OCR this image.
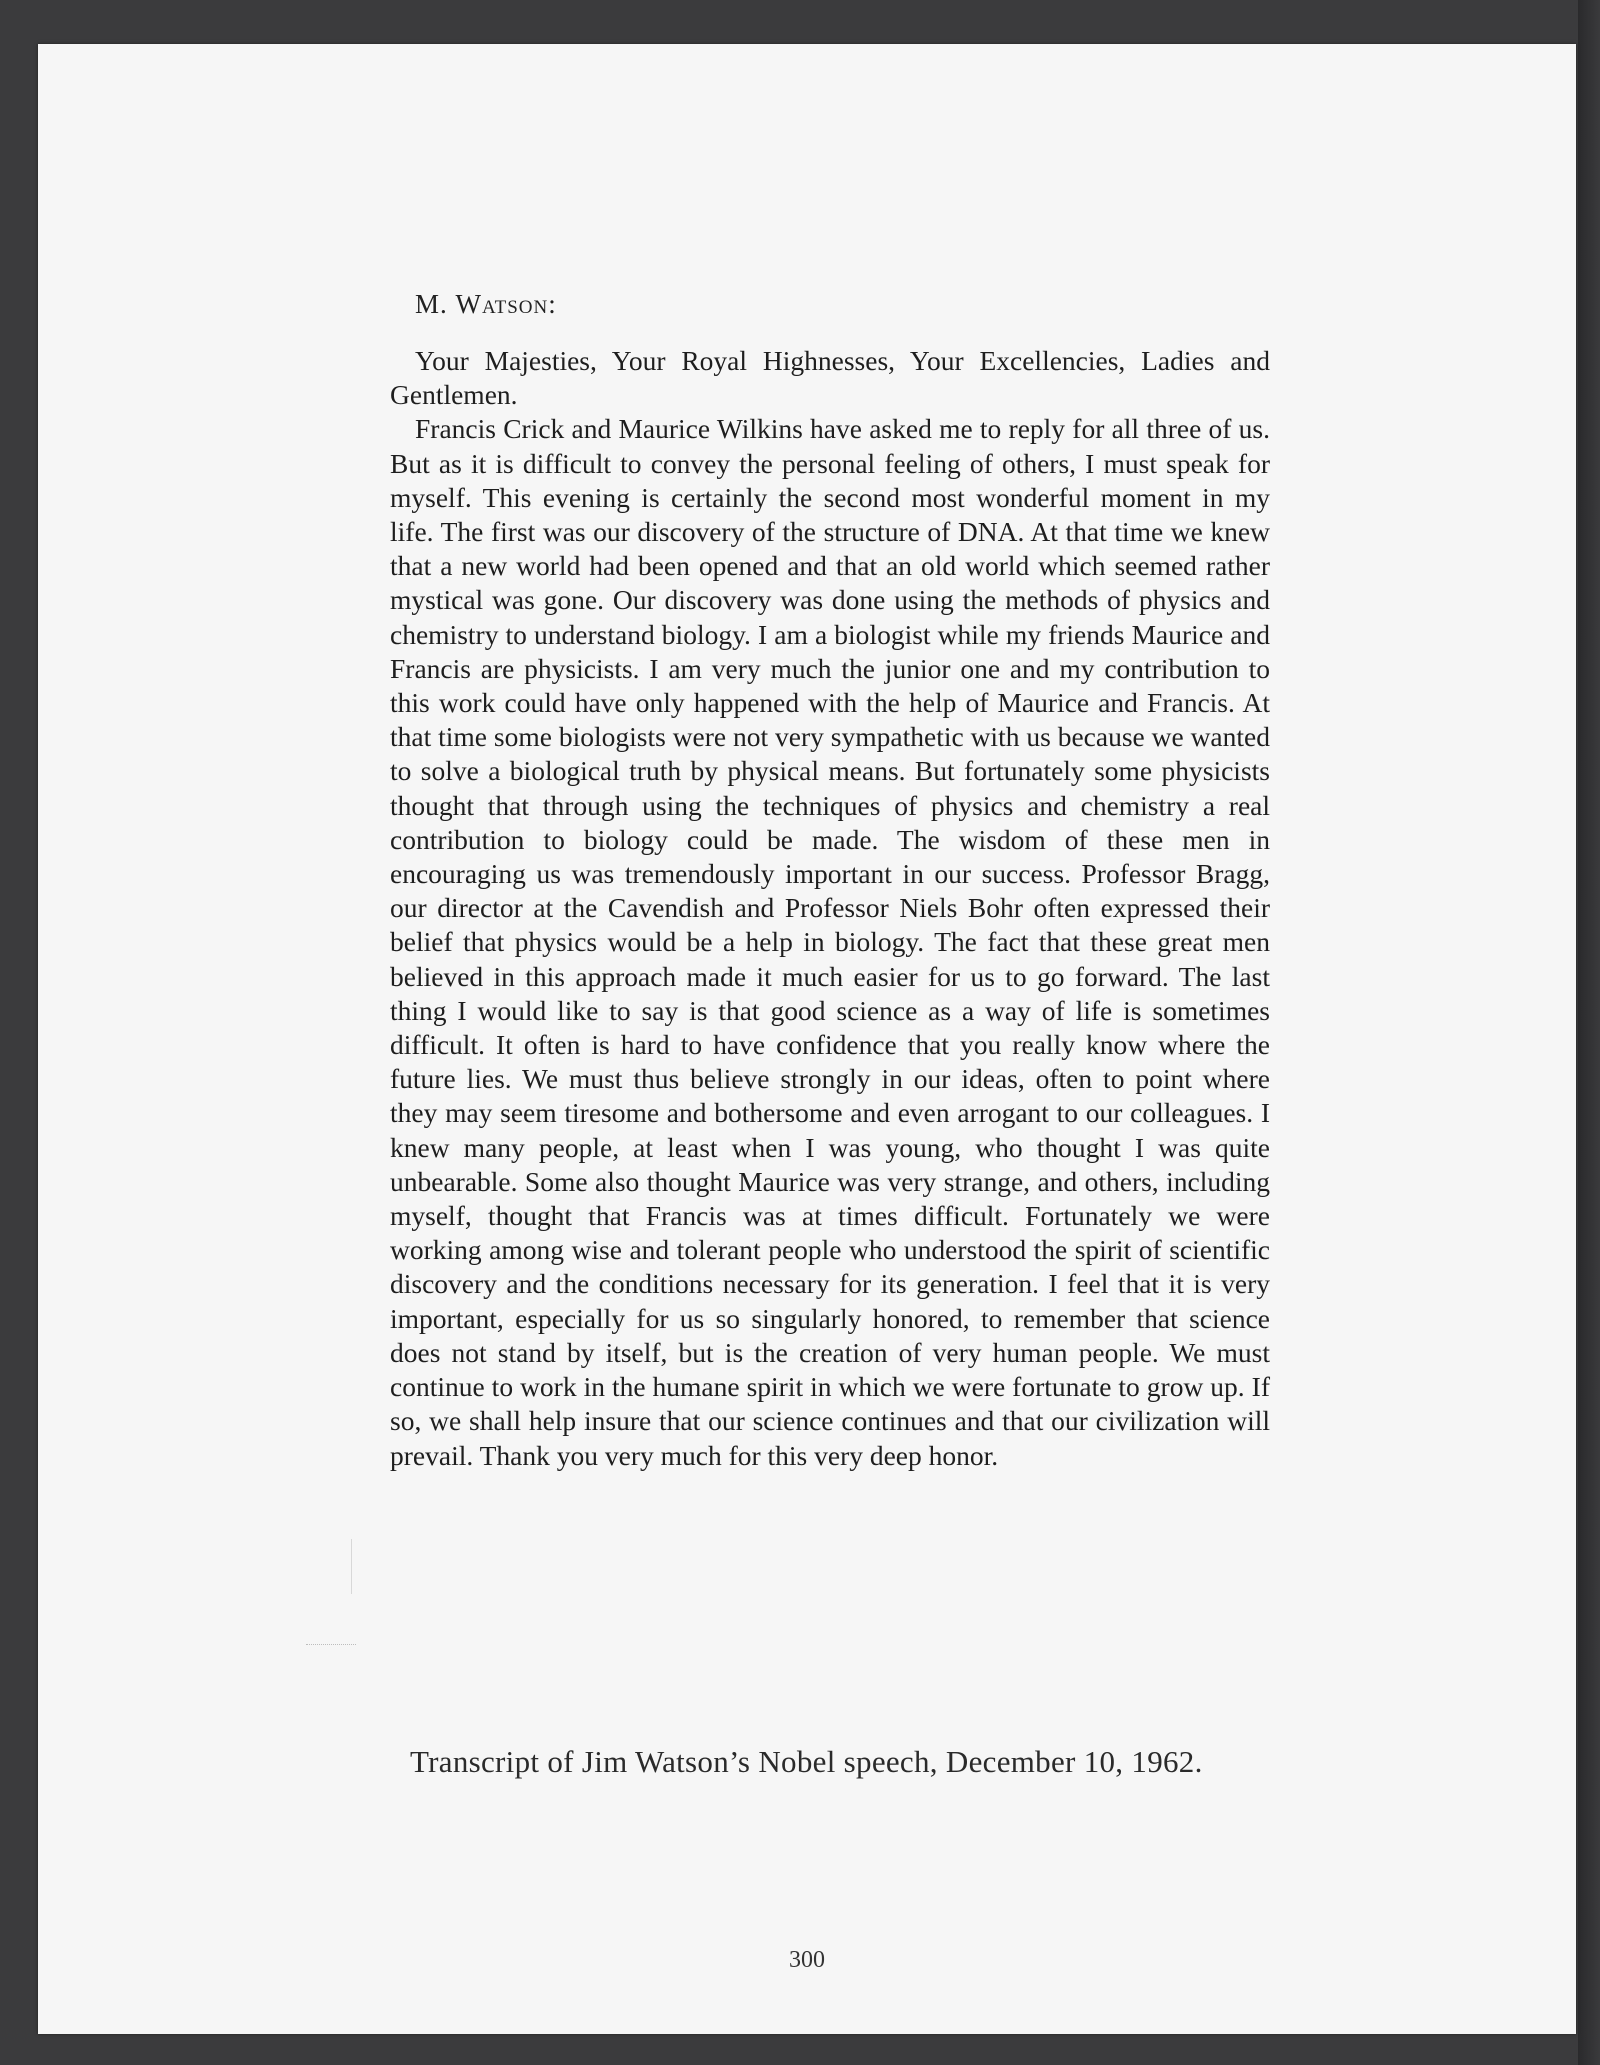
M. Watson:

Your Majesties, Your Royal Highnesses, Your Excellencies, Ladies and Gentlemen.

Francis Crick and Maurice Wilkins have asked me to reply for all three of us. But as it is difficult to convey the personal feeling of others, I must speak for myself. This evening is certainly the second most wonderful moment in my life. The first was our discovery of the structure of DNA. At that time we knew that a new world had been opened and that an old world which seemed rather mystical was gone. Our discovery was done using the methods of physics and chemistry to understand biology. I am a biologist while my friends Maurice and Francis are physicists. I am very much the junior one and my contribution to this work could have only happened with the help of Maurice and Francis. At that time some biologists were not very sympathetic with us because we wanted to solve a biological truth by physical means. But fortunately some physicists thought that through using the techniques of physics and chemistry a real contribution to biology could be made. The wisdom of these men in encouraging us was tremendously important in our success. Professor Bragg, our director at the Cavendish and Professor Niels Bohr often expressed their belief that physics would be a help in biology. The fact that these great men believed in this approach made it much easier for us to go forward. The last thing I would like to say is that good science as a way of life is sometimes difficult. It often is hard to have confidence that you really know where the future lies. We must thus believe strongly in our ideas, often to point where they may seem tiresome and bothersome and even arrogant to our colleagues. I knew many people, at least when I was young, who thought I was quite unbearable. Some also thought Maurice was very strange, and others, including myself, thought that Francis was at times difficult. Fortunately we were working among wise and tolerant people who understood the spirit of scientific discovery and the conditions necessary for its generation. I feel that it is very important, especially for us so singularly honored, to remember that science does not stand by itself, but is the creation of very human people. We must continue to work in the humane spirit in which we were fortunate to grow up. If so, we shall help insure that our science continues and that our civilization will prevail. Thank you very much for this very deep honor.

Transcript of Jim Watson’s Nobel speech, December 10, 1962.
300
